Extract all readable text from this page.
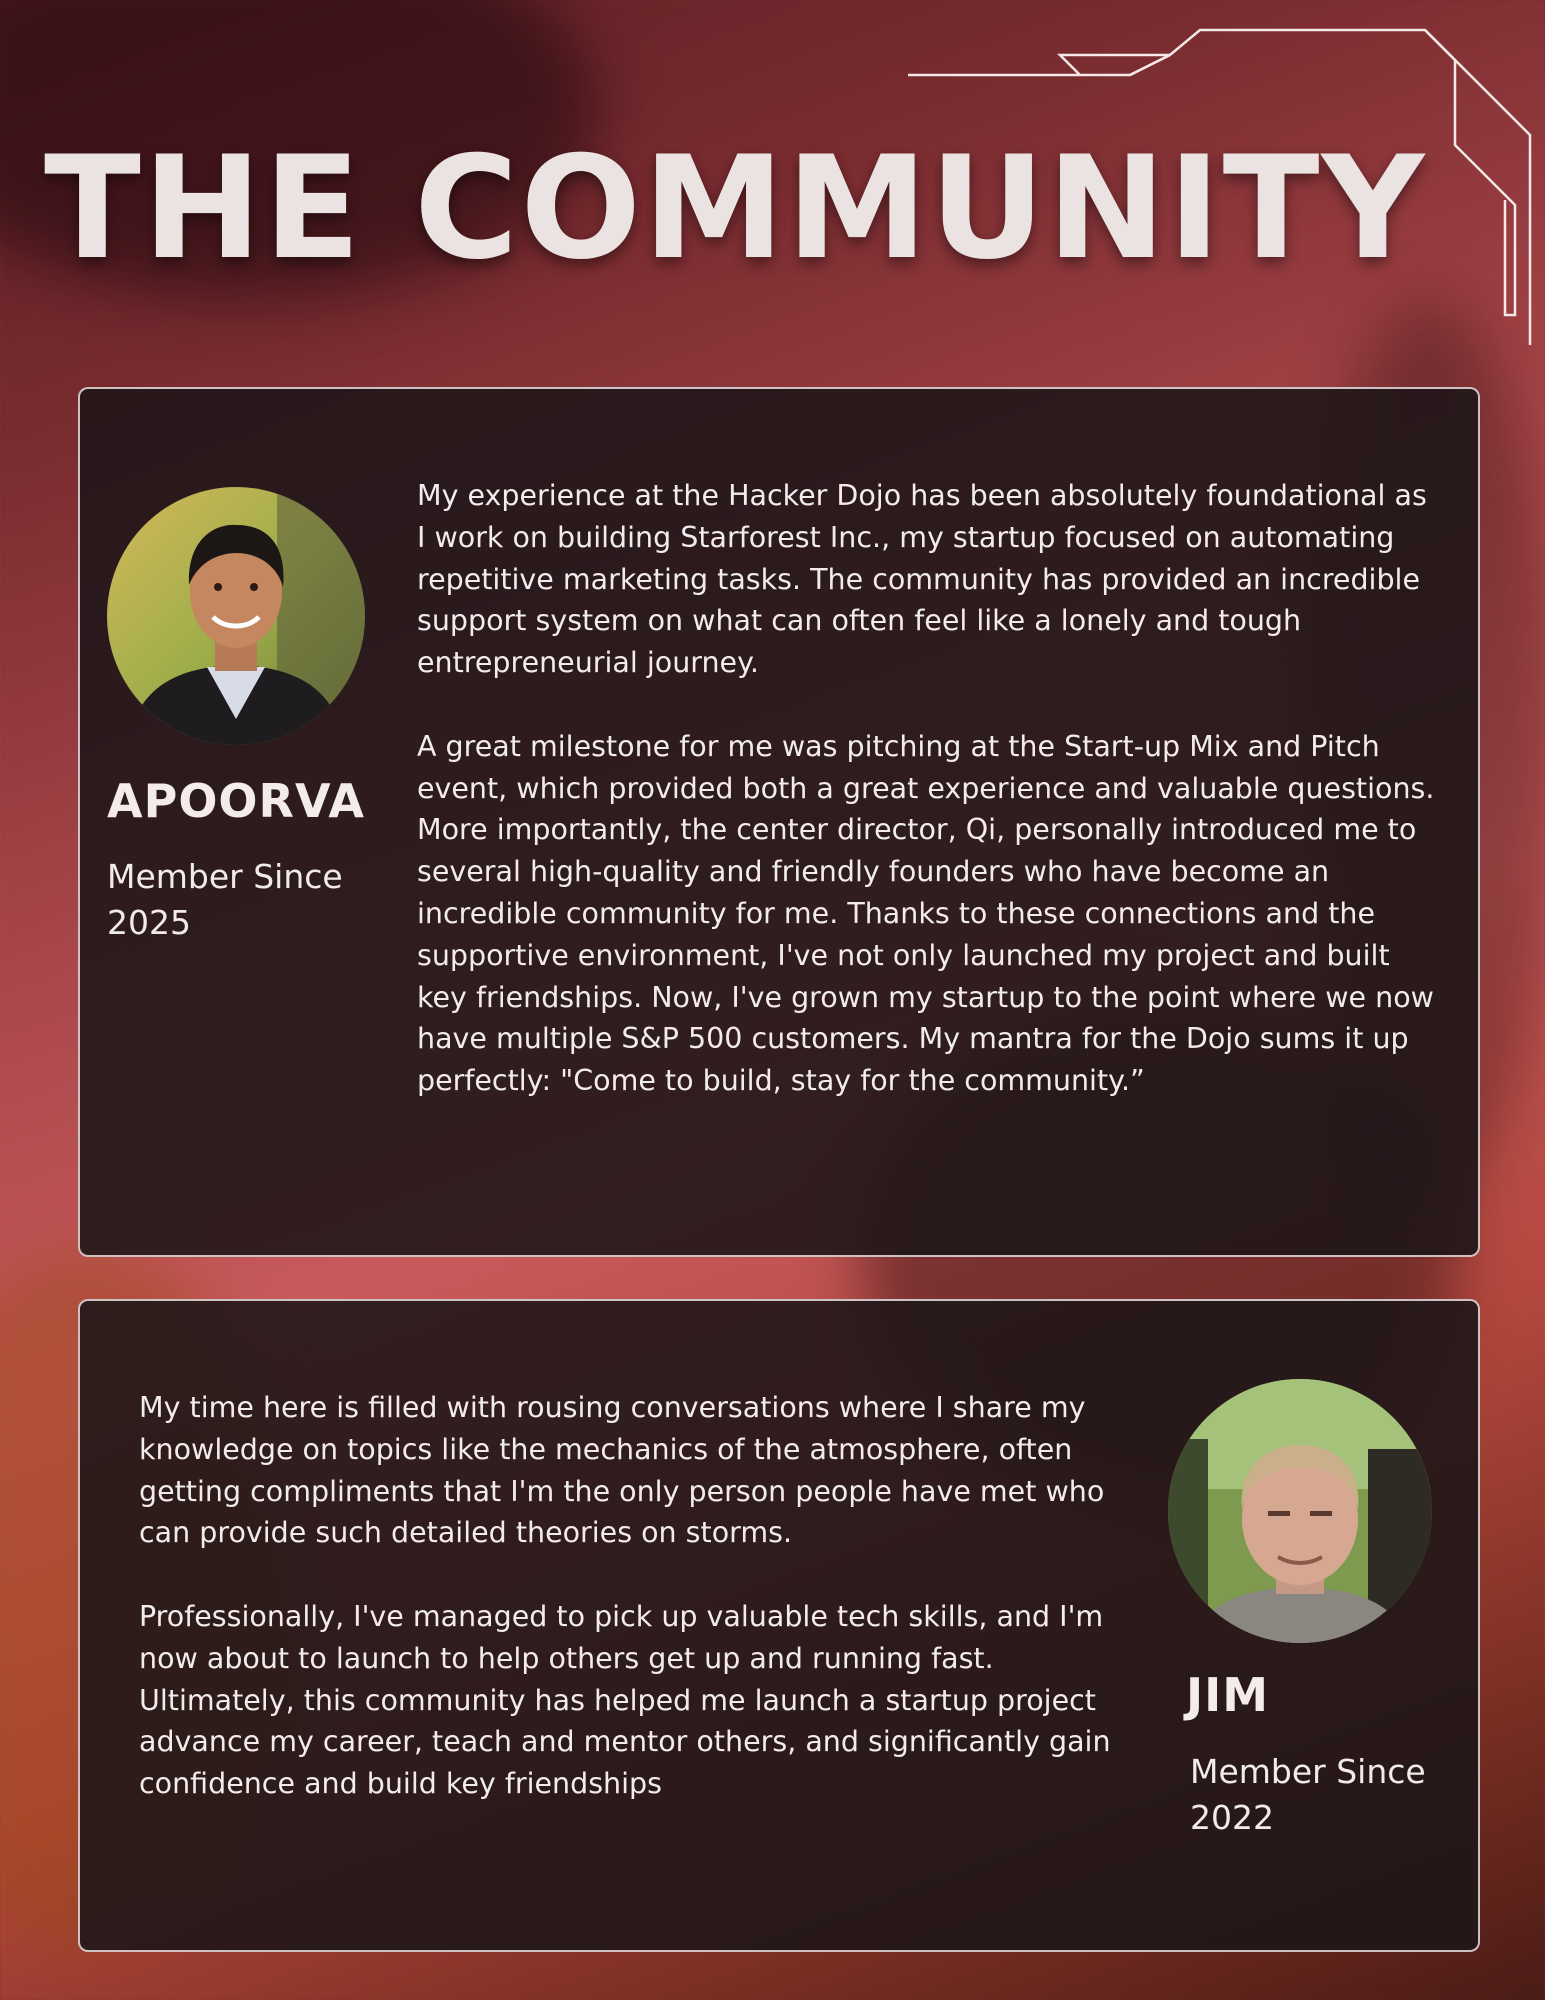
THE COMMUNITY
APOORVA
Member Since
2025

My experience at the Hacker Dojo has been absolutely foundational as I work on building Starforest Inc., my startup focused on automating repetitive marketing tasks. The community has provided an incredible support system on what can often feel like a lonely and tough entrepreneurial journey.

A great milestone for me was pitching at the Start-up Mix and Pitch event, which provided both a great experience and valuable questions. More importantly, the center director, Qi, personally introduced me to several high-quality and friendly founders who have become an incredible community for me. Thanks to these connections and the supportive environment, I've not only launched my project and built key friendships. Now, I've grown my startup to the point where we now have multiple S&P 500 customers. My mantra for the Dojo sums it up perfectly: "Come to build, stay for the community.”

My time here is filled with rousing conversations where I share my knowledge on topics like the mechanics of the atmosphere, often getting compliments that I'm the only person people have met who can provide such detailed theories on storms.

Professionally, I've managed to pick up valuable tech skills, and I'm now about to launch to help others get up and running fast. Ultimately, this community has helped me launch a startup project advance my career, teach and mentor others, and significantly gain confidence and build key friendships

JIM
Member Since
2022
